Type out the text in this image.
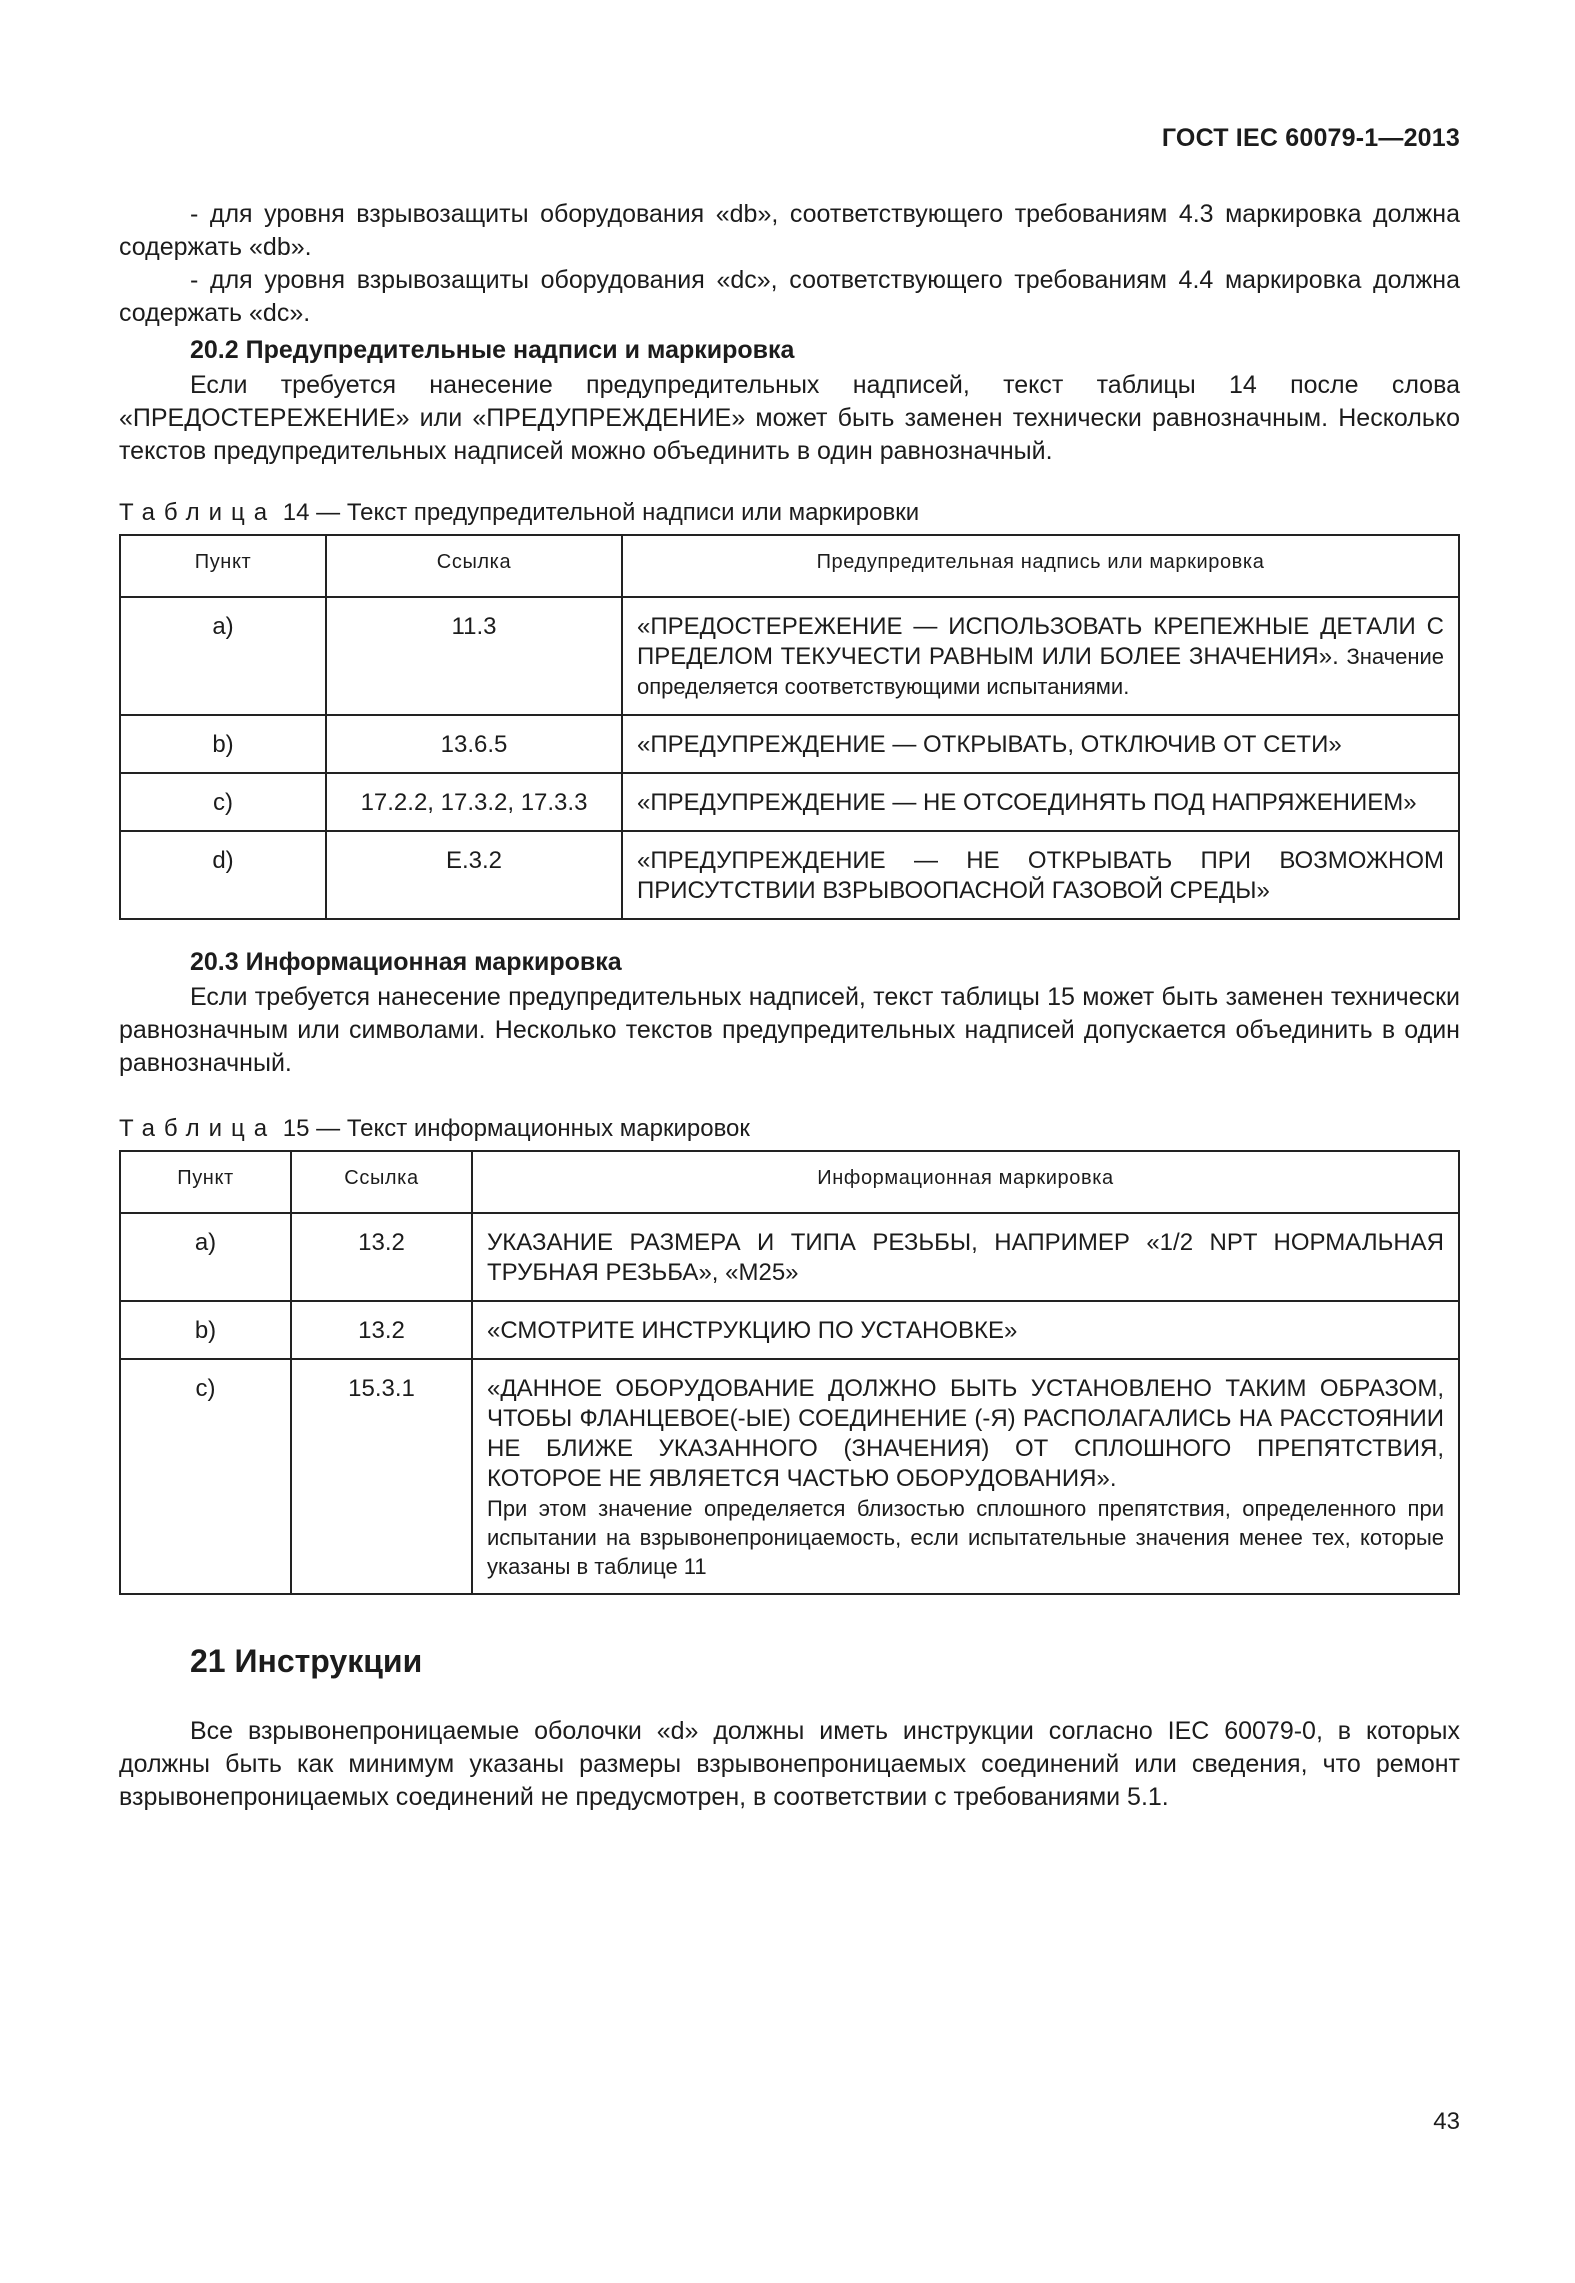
ГОСТ IEC 60079-1—2013

- для уровня взрывозащиты оборудования «db», соответствующего требованиям 4.3 маркировка должна содержать «db».

- для уровня взрывозащиты оборудования «dc», соответствующего требованиям 4.4 маркировка должна содержать «dc».

20.2 Предупредительные надписи и маркировка

Если требуется нанесение предупредительных надписей, текст таблицы 14 после слова «ПРЕДОСТЕРЕЖЕНИЕ» или «ПРЕДУПРЕЖДЕНИЕ» может быть заменен технически равнозначным. Несколько текстов предупредительных надписей можно объединить в один равнозначный.

Таблица 14 — Текст предупредительной надписи или маркировки
Пункт	Ссылка	Предупредительная надпись или маркировка

a)	11.3	«ПРЕДОСТЕРЕЖЕНИЕ — ИСПОЛЬЗОВАТЬ КРЕПЕЖНЫЕ ДЕТАЛИ С ПРЕДЕЛОМ ТЕКУЧЕСТИ РАВНЫМ ИЛИ БОЛЕЕ ЗНАЧЕНИЯ». Значение определяется соответствующими испытаниями.
b)	13.6.5	«ПРЕДУПРЕЖДЕНИЕ — ОТКРЫВАТЬ, ОТКЛЮЧИВ ОТ СЕТИ»
c)	17.2.2, 17.3.2, 17.3.3	«ПРЕДУПРЕЖДЕНИЕ — НЕ ОТСОЕДИНЯТЬ ПОД НАПРЯЖЕНИЕМ»
d)	E.3.2	«ПРЕДУПРЕЖДЕНИЕ — НЕ ОТКРЫВАТЬ ПРИ ВОЗМОЖНОМ ПРИСУТСТВИИ ВЗРЫВООПАСНОЙ ГАЗОВОЙ СРЕДЫ»
20.3 Информационная маркировка

Если требуется нанесение предупредительных надписей, текст таблицы 15 может быть заменен технически равнозначным или символами. Несколько текстов предупредительных надписей допускается объединить в один равнозначный.

Таблица 15 — Текст информационных маркировок
Пункт	Ссылка	Информационная маркировка

a)	13.2	УКАЗАНИЕ РАЗМЕРА И ТИПА РЕЗЬБЫ, НАПРИМЕР «1/2 NPT НОРМАЛЬНАЯ ТРУБНАЯ РЕЗЬБА», «M25»
b)	13.2	«СМОТРИТЕ ИНСТРУКЦИЮ ПО УСТАНОВКЕ»
c)	15.3.1	«ДАННОЕ ОБОРУДОВАНИЕ ДОЛЖНО БЫТЬ УСТАНОВЛЕНО ТАКИМ ОБРАЗОМ, ЧТОБЫ ФЛАНЦЕВОЕ(-ЫЕ) СОЕДИНЕНИЕ (-Я) РАСПОЛАГАЛИСЬ НА РАССТОЯНИИ НЕ БЛИЖЕ УКАЗАННОГО (ЗНАЧЕНИЯ) ОТ СПЛОШНОГО ПРЕПЯТСТВИЯ, КОТОРОЕ НЕ ЯВЛЯЕТСЯ ЧАСТЬЮ ОБОРУДОВАНИЯ».
При этом значение определяется близостью сплошного препятствия, определенного при испытании на взрывонепроницаемость, если испытательные значения менее тех, которые указаны в таблице 11
21 Инструкции

Все взрывонепроницаемые оболочки «d» должны иметь инструкции согласно IEC 60079-0, в которых должны быть как минимум указаны размеры взрывонепроницаемых соединений или сведения, что ремонт взрывонепроницаемых соединений не предусмотрен, в соответствии с требованиями 5.1.

43
